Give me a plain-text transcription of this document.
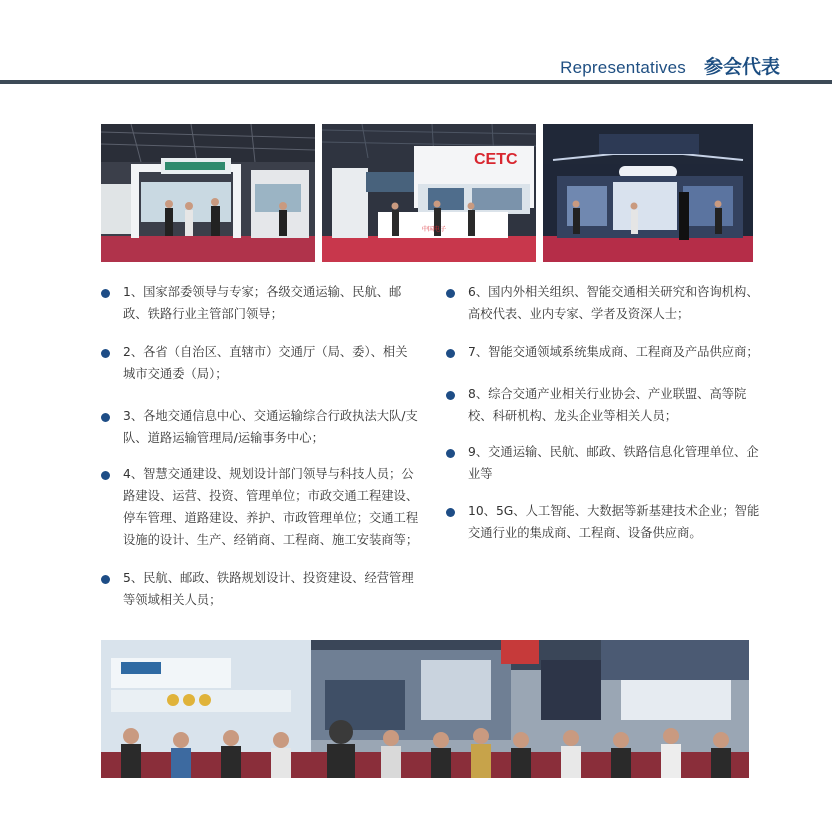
Representatives 参会代表
CETC
中国电子
1、国家部委领导与专家；各级交通运输、民航、邮政、铁路行业主管部门领导；
2、各省（自治区、直辖市）交通厅（局、委）、相关城市交通委（局）；
3、各地交通信息中心、交通运输综合行政执法大队/支队、道路运输管理局/运输事务中心；
4、智慧交通建设、规划设计部门领导与科技人员；公路建设、运营、投资、管理单位；市政交通工程建设、停车管理、道路建设、养护、市政管理单位；交通工程设施的设计、生产、经销商、工程商、施工安装商等；
5、民航、邮政、铁路规划设计、投资建设、经营管理等领域相关人员；
6、国内外相关组织、智能交通相关研究和咨询机构、高校代表、业内专家、学者及资深人士；
7、智能交通领域系统集成商、工程商及产品供应商；
8、综合交通产业相关行业协会、产业联盟、高等院校、科研机构、龙头企业等相关人员；
9、交通运输、民航、邮政、铁路信息化管理单位、企业等
10、5G、人工智能、大数据等新基建技术企业；智能交通行业的集成商、工程商、设备供应商。
